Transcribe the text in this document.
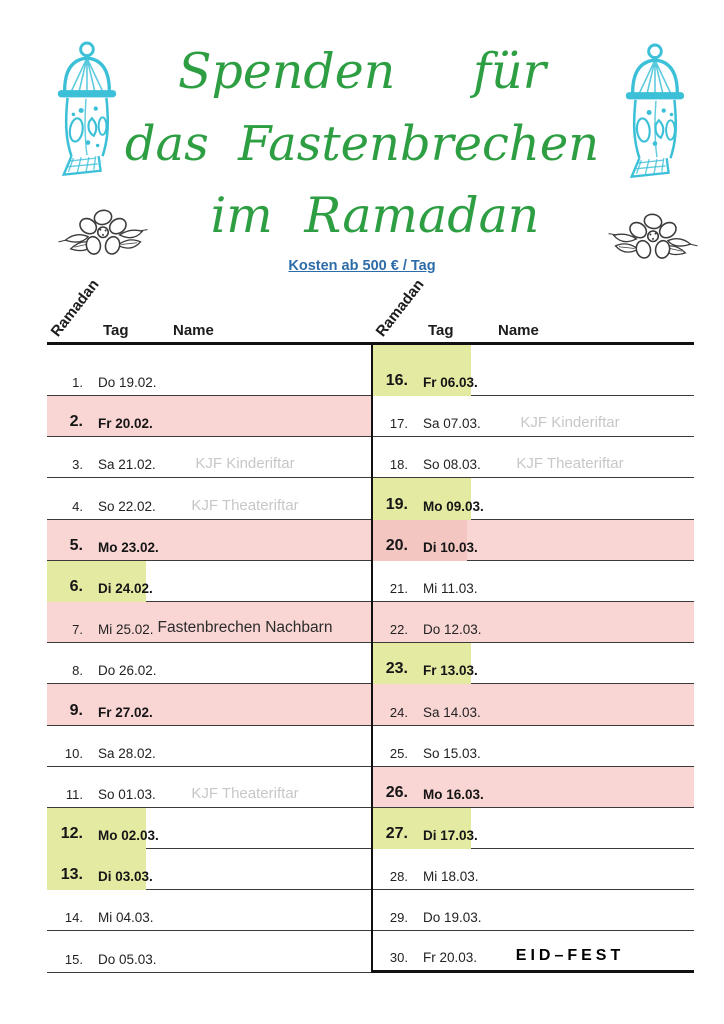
Spenden für
das Fastenbrechen
im Ramadan
Kosten ab 500 € / Tag
Ramadan Tag	Name
1. Do 19.02.
2. Fr 20.02.
3. Sa 21.02.	KJF Kinderiftar
4. So 22.02.	KJF Theateriftar
5. Mo 23.02.
6. Di 24.02.
7. Mi 25.02. Fastenbrechen Nachbarn
8. Do 26.02.
9. Fr 27.02.
10. Sa 28.02.
11. So 01.03.	KJF Theateriftar
12. Mo 02.03.
13. Di 03.03.
14. Mi 04.03.
15. Do 05.03.
Ramadan Tag	Name
16. Fr 06.03.
17. Sa 07.03.	KJF Kinderiftar
18. So 08.03.	KJF Theateriftar
19. Mo 09.03.
20. Di 10.03.
21. Mi 11.03.
22. Do 12.03.
23. Fr 13.03.
24. Sa 14.03.
25. So 15.03.
26. Mo 16.03.
27. Di 17.03.
28. Mi 18.03.
29. Do 19.03.
30. Fr 20.03.	EID–FEST
